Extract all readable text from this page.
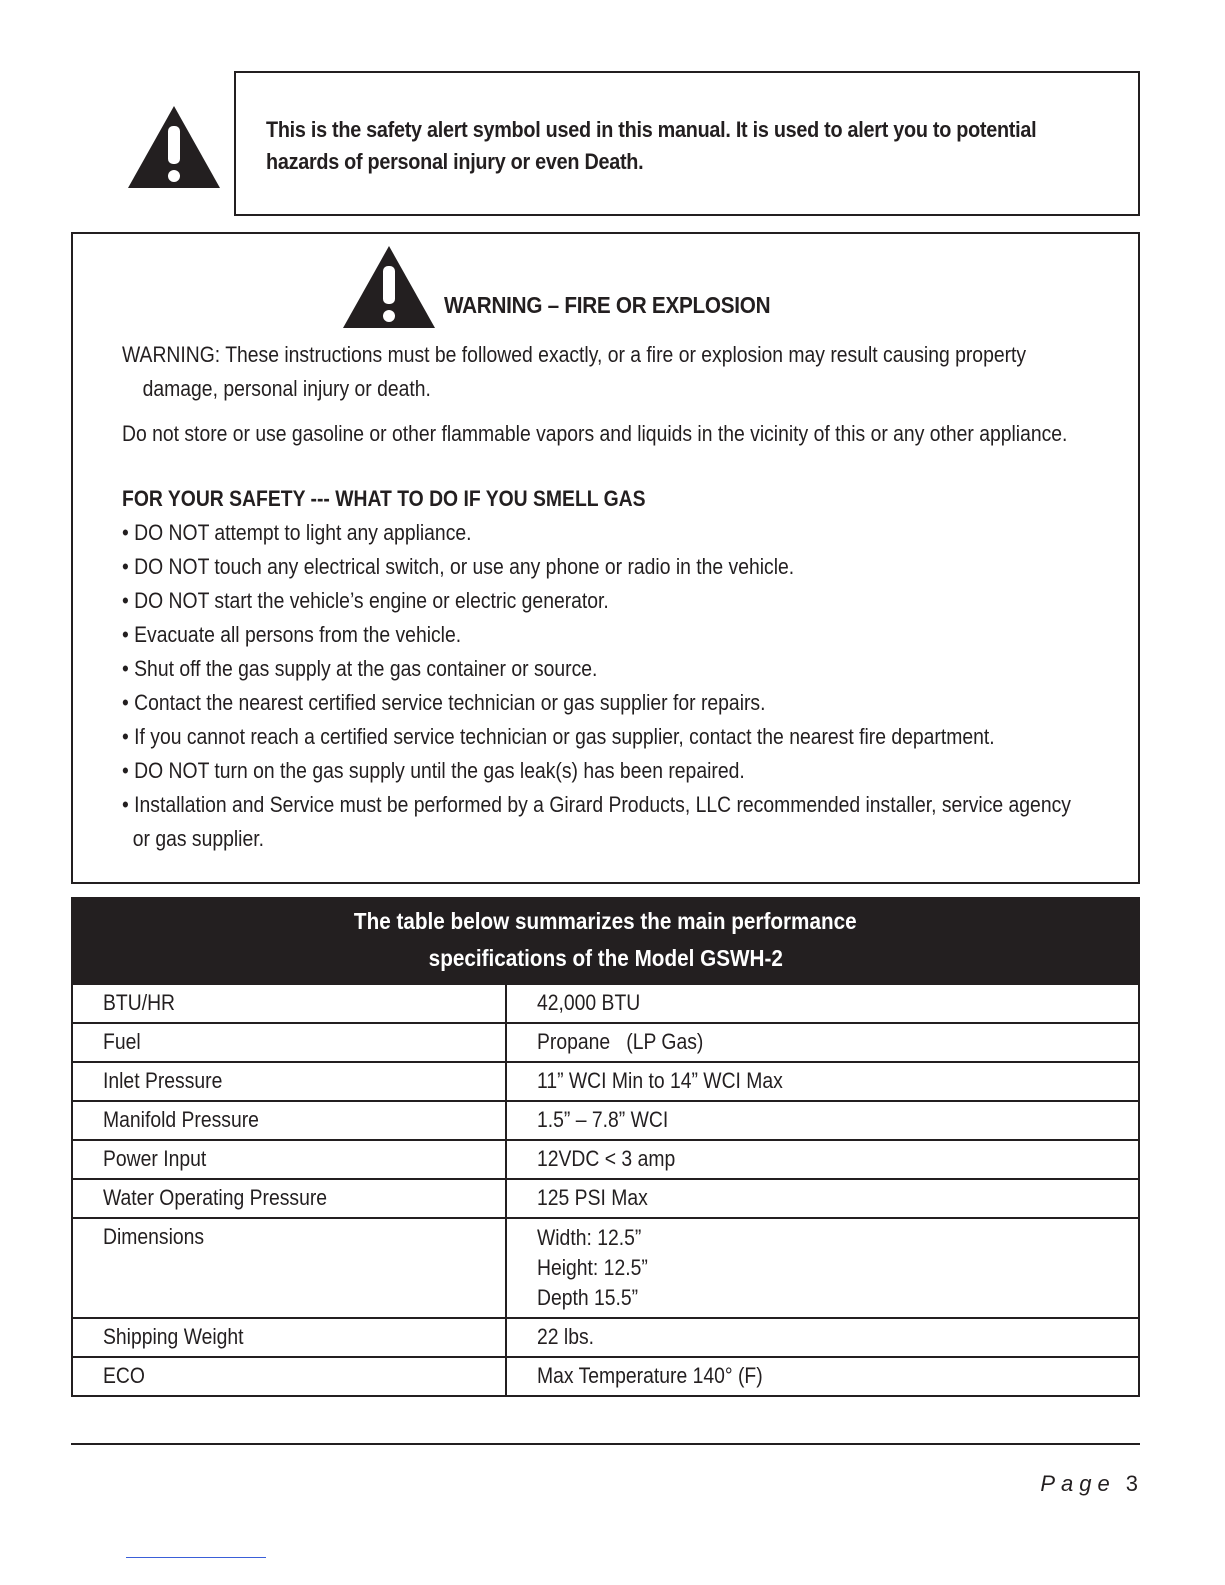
This is the safety alert symbol used in this manual. It is used to alert you to potential
hazards of personal injury or even Death.
WARNING – FIRE OR EXPLOSION
WARNING: These instructions must be followed exactly, or a fire or explosion may result causing property
damage, personal injury or death.
Do not store or use gasoline or other flammable vapors and liquids in the vicinity of this or any other appliance.
FOR YOUR SAFETY --- WHAT TO DO IF YOU SMELL GAS
• DO NOT attempt to light any appliance.
• DO NOT touch any electrical switch, or use any phone or radio in the vehicle.
• DO NOT start the vehicle’s engine or electric generator.
• Evacuate all persons from the vehicle.
• Shut off the gas supply at the gas container or source.
• Contact the nearest certified service technician or gas supplier for repairs.
• If you cannot reach a certified service technician or gas supplier, contact the nearest fire department.
• DO NOT turn on the gas supply until the gas leak(s) has been repaired.
• Installation and Service must be performed by a Girard Products, LLC recommended installer, service agency
or gas supplier.
The table below summarizes the main performance
specifications of the Model GSWH-2	
BTU/HR	42,000 BTU
Fuel	Propane   (LP Gas)
Inlet Pressure	11” WCI Min to 14” WCI Max
Manifold Pressure	1.5” – 7.8” WCI
Power Input	12VDC < 3 amp
Water Operating Pressure	125 PSI Max
Dimensions	Width: 12.5”
Height: 12.5”
Depth 15.5”
Shipping Weight	22 lbs.
ECO	Max Temperature 140° (F)
Page 3
